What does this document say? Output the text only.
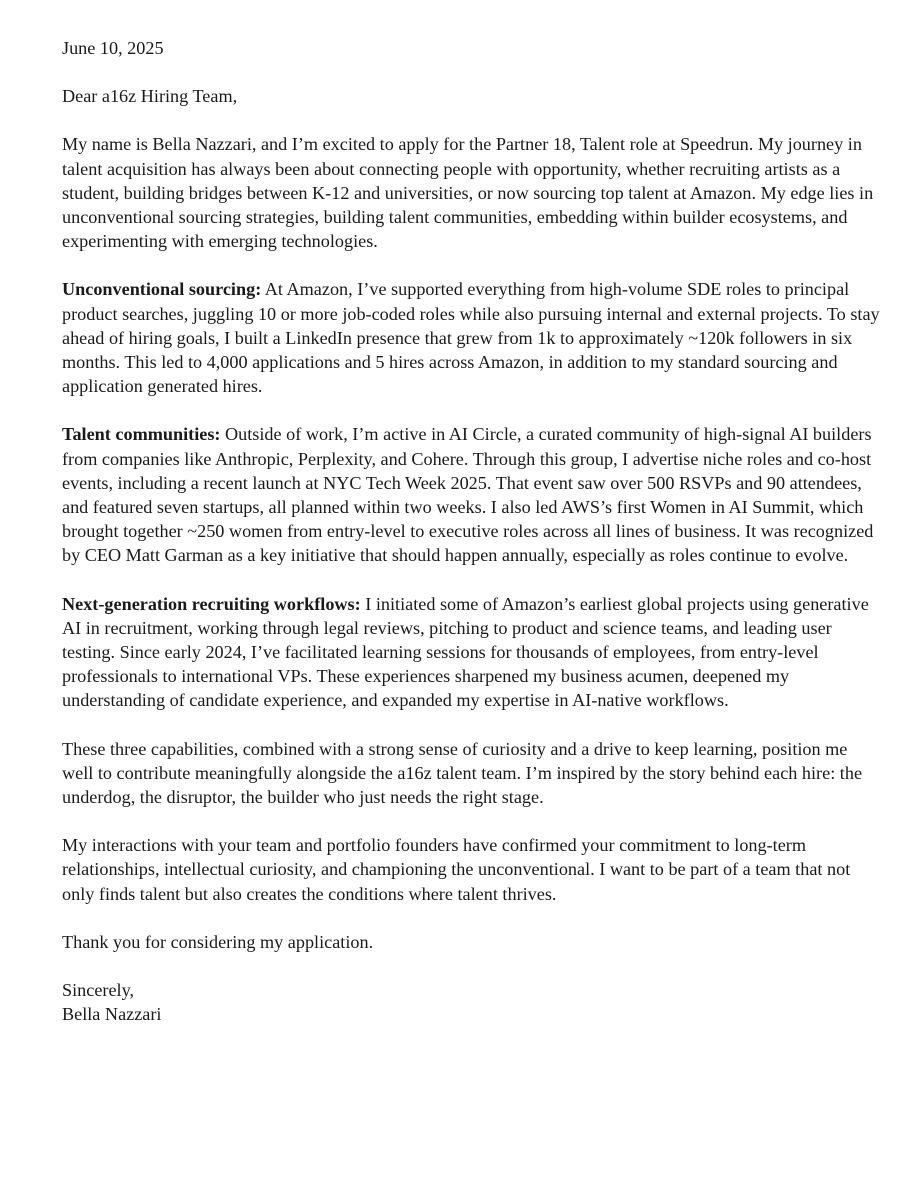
June 10, 2025

Dear a16z Hiring Team,

My name is Bella Nazzari, and I’m excited to apply for the Partner 18, Talent role at Speedrun. My journey in talent acquisition has always been about connecting people with opportunity, whether recruiting artists as a student, building bridges between K-12 and universities, or now sourcing top talent at Amazon. My edge lies in unconventional sourcing strategies, building talent communities, embedding within builder ecosystems, and experimenting with emerging technologies.

Unconventional sourcing: At Amazon, I’ve supported everything from high-volume SDE roles to principal product searches, juggling 10 or more job-coded roles while also pursuing internal and external projects. To stay ahead of hiring goals, I built a LinkedIn presence that grew from 1k to approximately ~120k followers in six months. This led to 4,000 applications and 5 hires across Amazon, in addition to my standard sourcing and application generated hires.

Talent communities: Outside of work, I’m active in AI Circle, a curated community of high-signal AI builders from companies like Anthropic, Perplexity, and Cohere. Through this group, I advertise niche roles and co-host events, including a recent launch at NYC Tech Week 2025. That event saw over 500 RSVPs and 90 attendees, and featured seven startups, all planned within two weeks. I also led AWS’s first Women in AI Summit, which brought together ~250 women from entry-level to executive roles across all lines of business. It was recognized by CEO Matt Garman as a key initiative that should happen annually, especially as roles continue to evolve.

Next-generation recruiting workflows: I initiated some of Amazon’s earliest global projects using generative AI in recruitment, working through legal reviews, pitching to product and science teams, and leading user testing. Since early 2024, I’ve facilitated learning sessions for thousands of employees, from entry-level professionals to international VPs. These experiences sharpened my business acumen, deepened my understanding of candidate experience, and expanded my expertise in AI-native workflows.

These three capabilities, combined with a strong sense of curiosity and a drive to keep learning, position me well to contribute meaningfully alongside the a16z talent team. I’m inspired by the story behind each hire: the underdog, the disruptor, the builder who just needs the right stage.

My interactions with your team and portfolio founders have confirmed your commitment to long-term relationships, intellectual curiosity, and championing the unconventional. I want to be part of a team that not only finds talent but also creates the conditions where talent thrives.

Thank you for considering my application.

Sincerely,

Bella Nazzari
